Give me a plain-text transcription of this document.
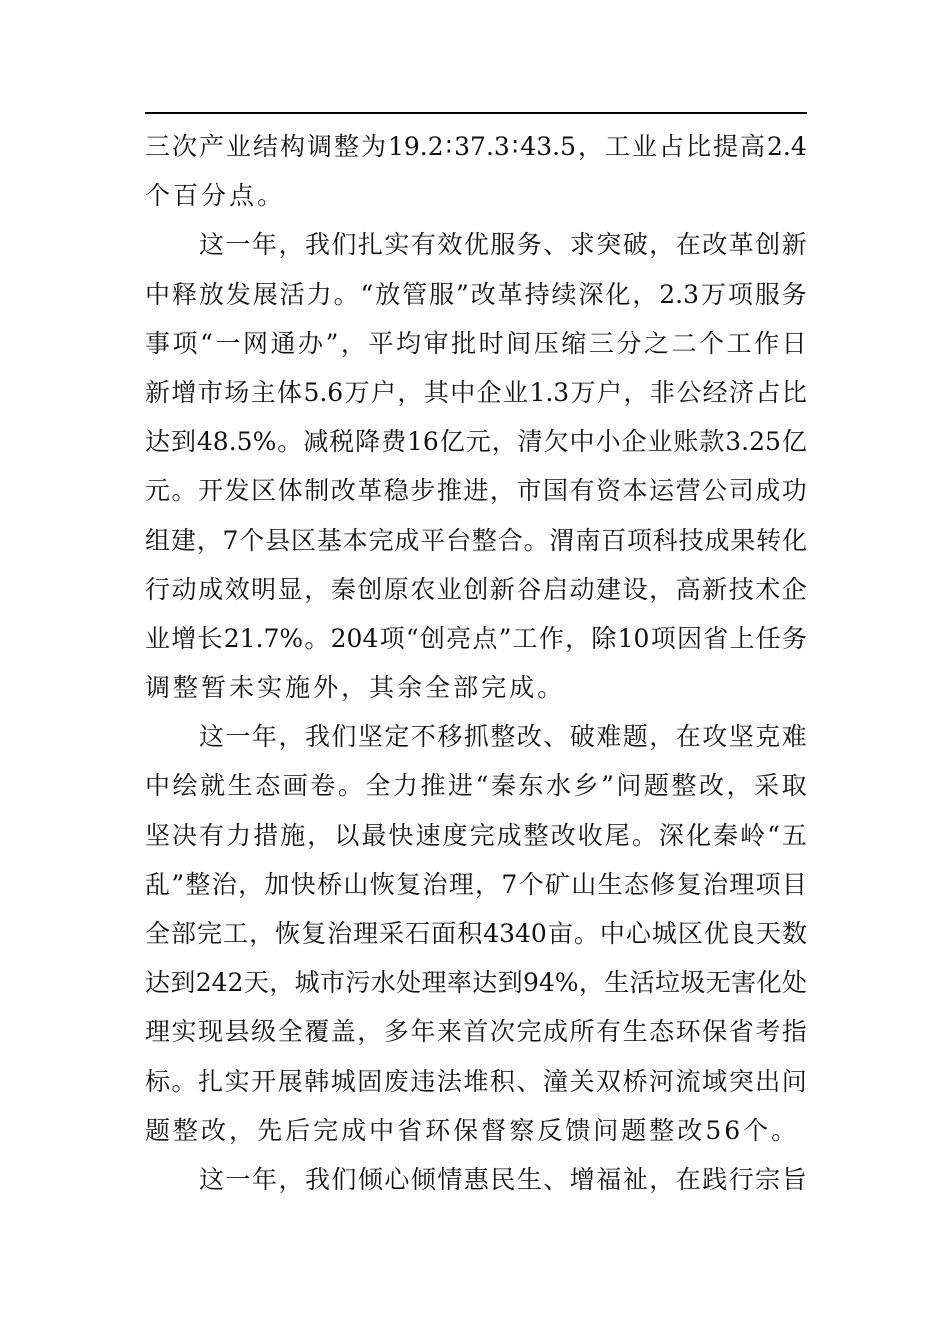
三 次 产 业 结 构 调 整 为 19.2 ∶ 37.3 ∶ 43.5 ， 工 业 占 比 提 高 2.4
个 百 分 点 。
这 一 年 ， 我 们 扎 实 有 效 优 服 务 、 求 突 破 ， 在 改 革 创 新
中 释 放 发 展 活 力 。 “ 放 管 服 ” 改 革 持 续 深 化 ， 2.3 万 项 服 务
事 项 “ 一 网 通 办 ” ， 平 均 审 批 时 间 压 缩 三 分 之 二 个 工 作 日
新 增 市 场 主 体 5.6 万 户 ， 其 中 企 业 1.3 万 户 ， 非 公 经 济 占 比
达 到 48.5% 。 减 税 降 费 16 亿 元 ， 清 欠 中 小 企 业 账 款 3.25 亿
元 。 开 发 区 体 制 改 革 稳 步 推 进 ， 市 国 有 资 本 运 营 公 司 成 功
组 建 ， 7 个 县 区 基 本 完 成 平 台 整 合 。 渭 南 百 项 科 技 成 果 转 化
行 动 成 效 明 显 ， 秦 创 原 农 业 创 新 谷 启 动 建 设 ， 高 新 技 术 企
业 增 长 21.7% 。 204 项 “ 创 亮 点 ” 工 作 ， 除 10 项 因 省 上 任 务
调 整 暂 未 实 施 外 ， 其 余 全 部 完 成 。
这 一 年 ， 我 们 坚 定 不 移 抓 整 改 、 破 难 题 ， 在 攻 坚 克 难
中 绘 就 生 态 画 卷 。 全 力 推 进 “ 秦 东 水 乡 ” 问 题 整 改 ， 采 取
坚 决 有 力 措 施 ， 以 最 快 速 度 完 成 整 改 收 尾 。 深 化 秦 岭 “ 五
乱 ” 整 治 ， 加 快 桥 山 恢 复 治 理 ， 7 个 矿 山 生 态 修 复 治 理 项 目
全 部 完 工 ， 恢 复 治 理 采 石 面 积 4340 亩 。 中 心 城 区 优 良 天 数
达 到 242 天 ， 城 市 污 水 处 理 率 达 到 94% ， 生 活 垃 圾 无 害 化 处
理 实 现 县 级 全 覆 盖 ， 多 年 来 首 次 完 成 所 有 生 态 环 保 省 考 指
标 。 扎 实 开 展 韩 城 固 废 违 法 堆 积 、 潼 关 双 桥 河 流 域 突 出 问
题 整 改 ， 先 后 完 成 中 省 环 保 督 察 反 馈 问 题 整 改 56 个 。
这 一 年 ， 我 们 倾 心 倾 情 惠 民 生 、 增 福 祉 ， 在 践 行 宗 旨
